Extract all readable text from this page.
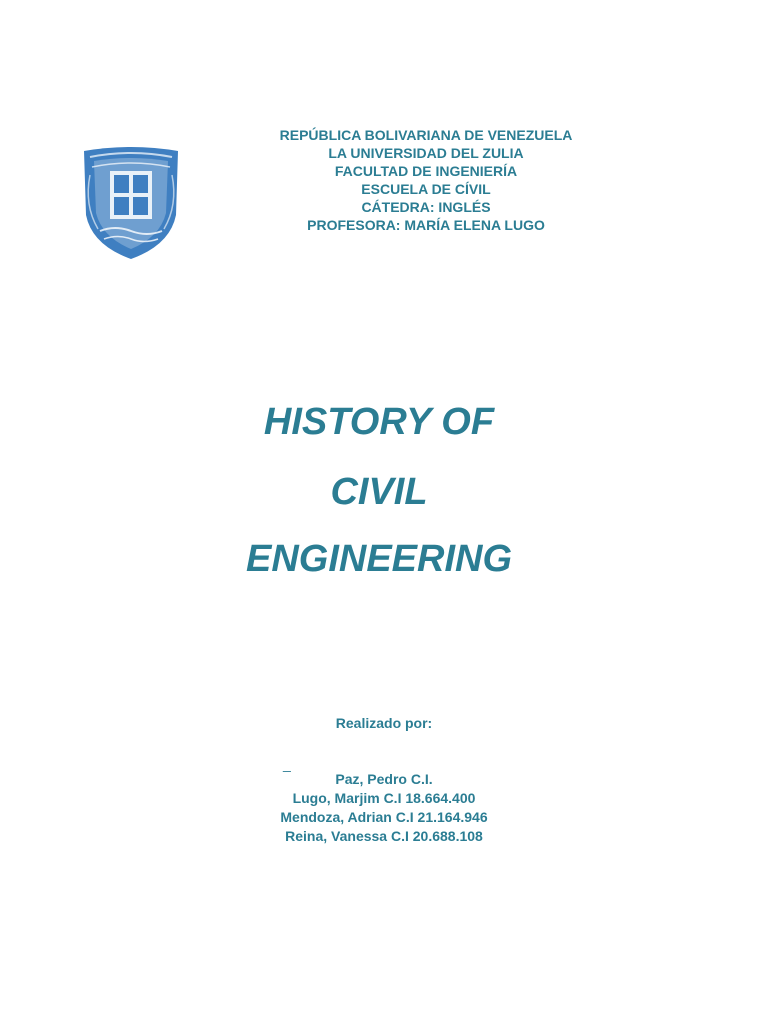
REPÚBLICA BOLIVARIANA DE VENEZUELA
LA UNIVERSIDAD DEL ZULIA
FACULTAD DE INGENIERÍA
ESCUELA DE CÍVIL
CÁTEDRA: INGLÉS
PROFESORA: MARÍA ELENA LUGO
HISTORY OF
CIVIL
ENGINEERING
Realizado por:
_
Paz, Pedro C.I.
Lugo, Marjim C.I 18.664.400
Mendoza, Adrian C.I 21.164.946
Reina, Vanessa C.I 20.688.108
